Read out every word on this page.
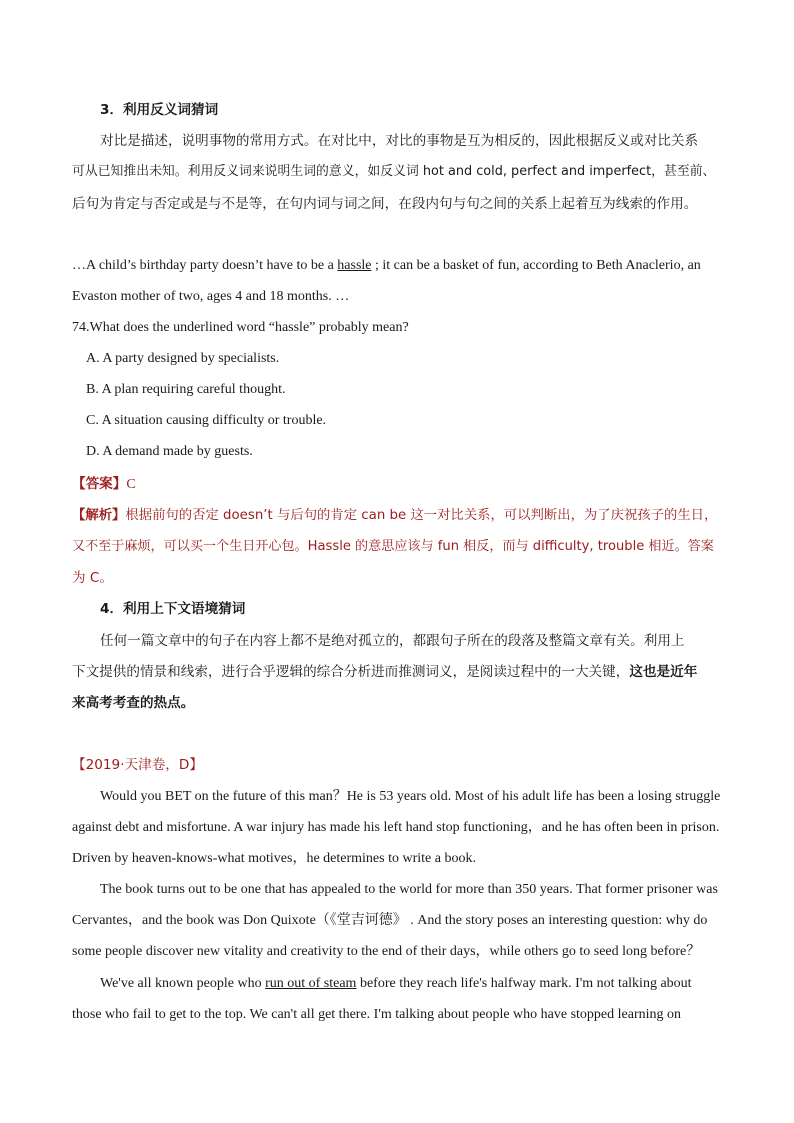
3．利用反义词猜词
对比是描述，说明事物的常用方式。在对比中，对比的事物是互为相反的，因此根据反义或对比关系
可从已知推出未知。利用反义词来说明生词的意义，如反义词 hot and cold, perfect and imperfect，甚至前、
后句为肯定与否定或是与不是等，在句内词与词之间，在段内句与句之间的关系上起着互为线索的作用。
…A child’s birthday party doesn’t have to be a hassle ; it can be a basket of fun, according to Beth Anaclerio, an
Evaston mother of two, ages 4 and 18 months. …
74.What does the underlined word “hassle” probably mean?
A. A party designed by specialists.
B. A plan requiring careful thought.
C. A situation causing difficulty or trouble.
D. A demand made by guests.
【答案】C
【解析】根据前句的否定 doesn’t 与后句的肯定 can be 这一对比关系，可以判断出，为了庆祝孩子的生日，
又不至于麻烦，可以买一个生日开心包。Hassle 的意思应该与 fun 相反，而与 difficulty, trouble 相近。答案
为 C。
4．利用上下文语境猜词
任何一篇文章中的句子在内容上都不是绝对孤立的，都跟句子所在的段落及整篇文章有关。利用上
下文提供的情景和线索，进行合乎逻辑的综合分析进而推测词义，是阅读过程中的一大关键，这也是近年
来高考考查的热点。
【2019·天津卷，D】
Would you BET on the future of this man？He is 53 years old. Most of his adult life has been a losing struggle
against debt and misfortune. A war injury has made his left hand stop functioning，and he has often been in prison.
Driven by heaven-knows-what motives，he determines to write a book.
The book turns out to be one that has appealed to the world for more than 350 years. That former prisoner was
Cervantes，and the book was Don Quixote（《堂吉诃德》 . And the story poses an interesting question: why do
some people discover new vitality and creativity to the end of their days，while others go to seed long before？
We've all known people who run out of steam before they reach life's halfway mark. I'm not talking about
those who fail to get to the top. We can't all get there. I'm talking about people who have stopped learning on
